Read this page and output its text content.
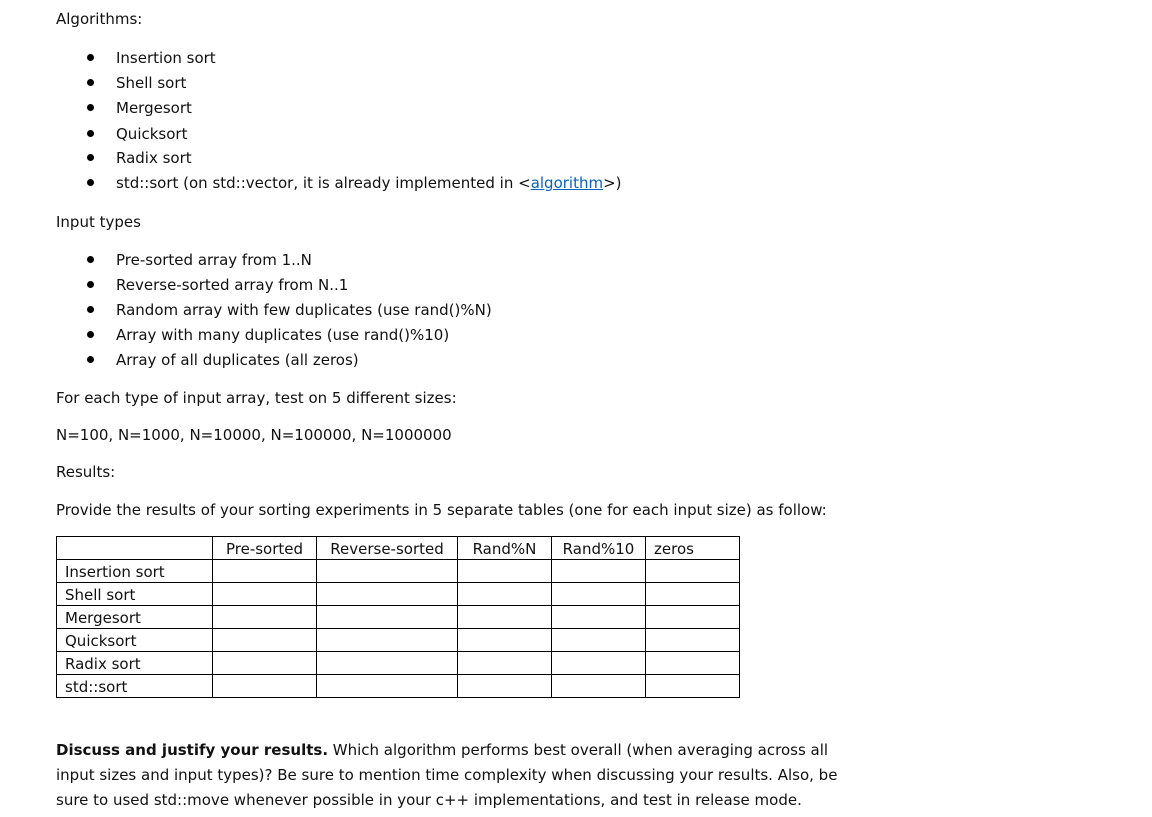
Algorithms:
Insertion sort
Shell sort
Mergesort
Quicksort
Radix sort
std::sort (on std::vector, it is already implemented in <algorithm>)
Input types
Pre-sorted array from 1..N
Reverse-sorted array from N..1
Random array with few duplicates (use rand()%N)
Array with many duplicates (use rand()%10)
Array of all duplicates (all zeros)
For each type of input array, test on 5 different sizes:
N=100, N=1000, N=10000, N=100000, N=1000000
Results:
Provide the results of your sorting experiments in 5 separate tables (one for each input size) as follow:
	Pre-sorted	Reverse-sorted	Rand%N	Rand%10	zeros
Insertion sort					
Shell sort					
Mergesort					
Quicksort					
Radix sort					
std::sort					
Discuss and justify your results. Which algorithm performs best overall (when averaging across all input sizes and input types)? Be sure to mention time complexity when discussing your results. Also, be sure to used std::move whenever possible in your c++ implementations, and test in release mode.
